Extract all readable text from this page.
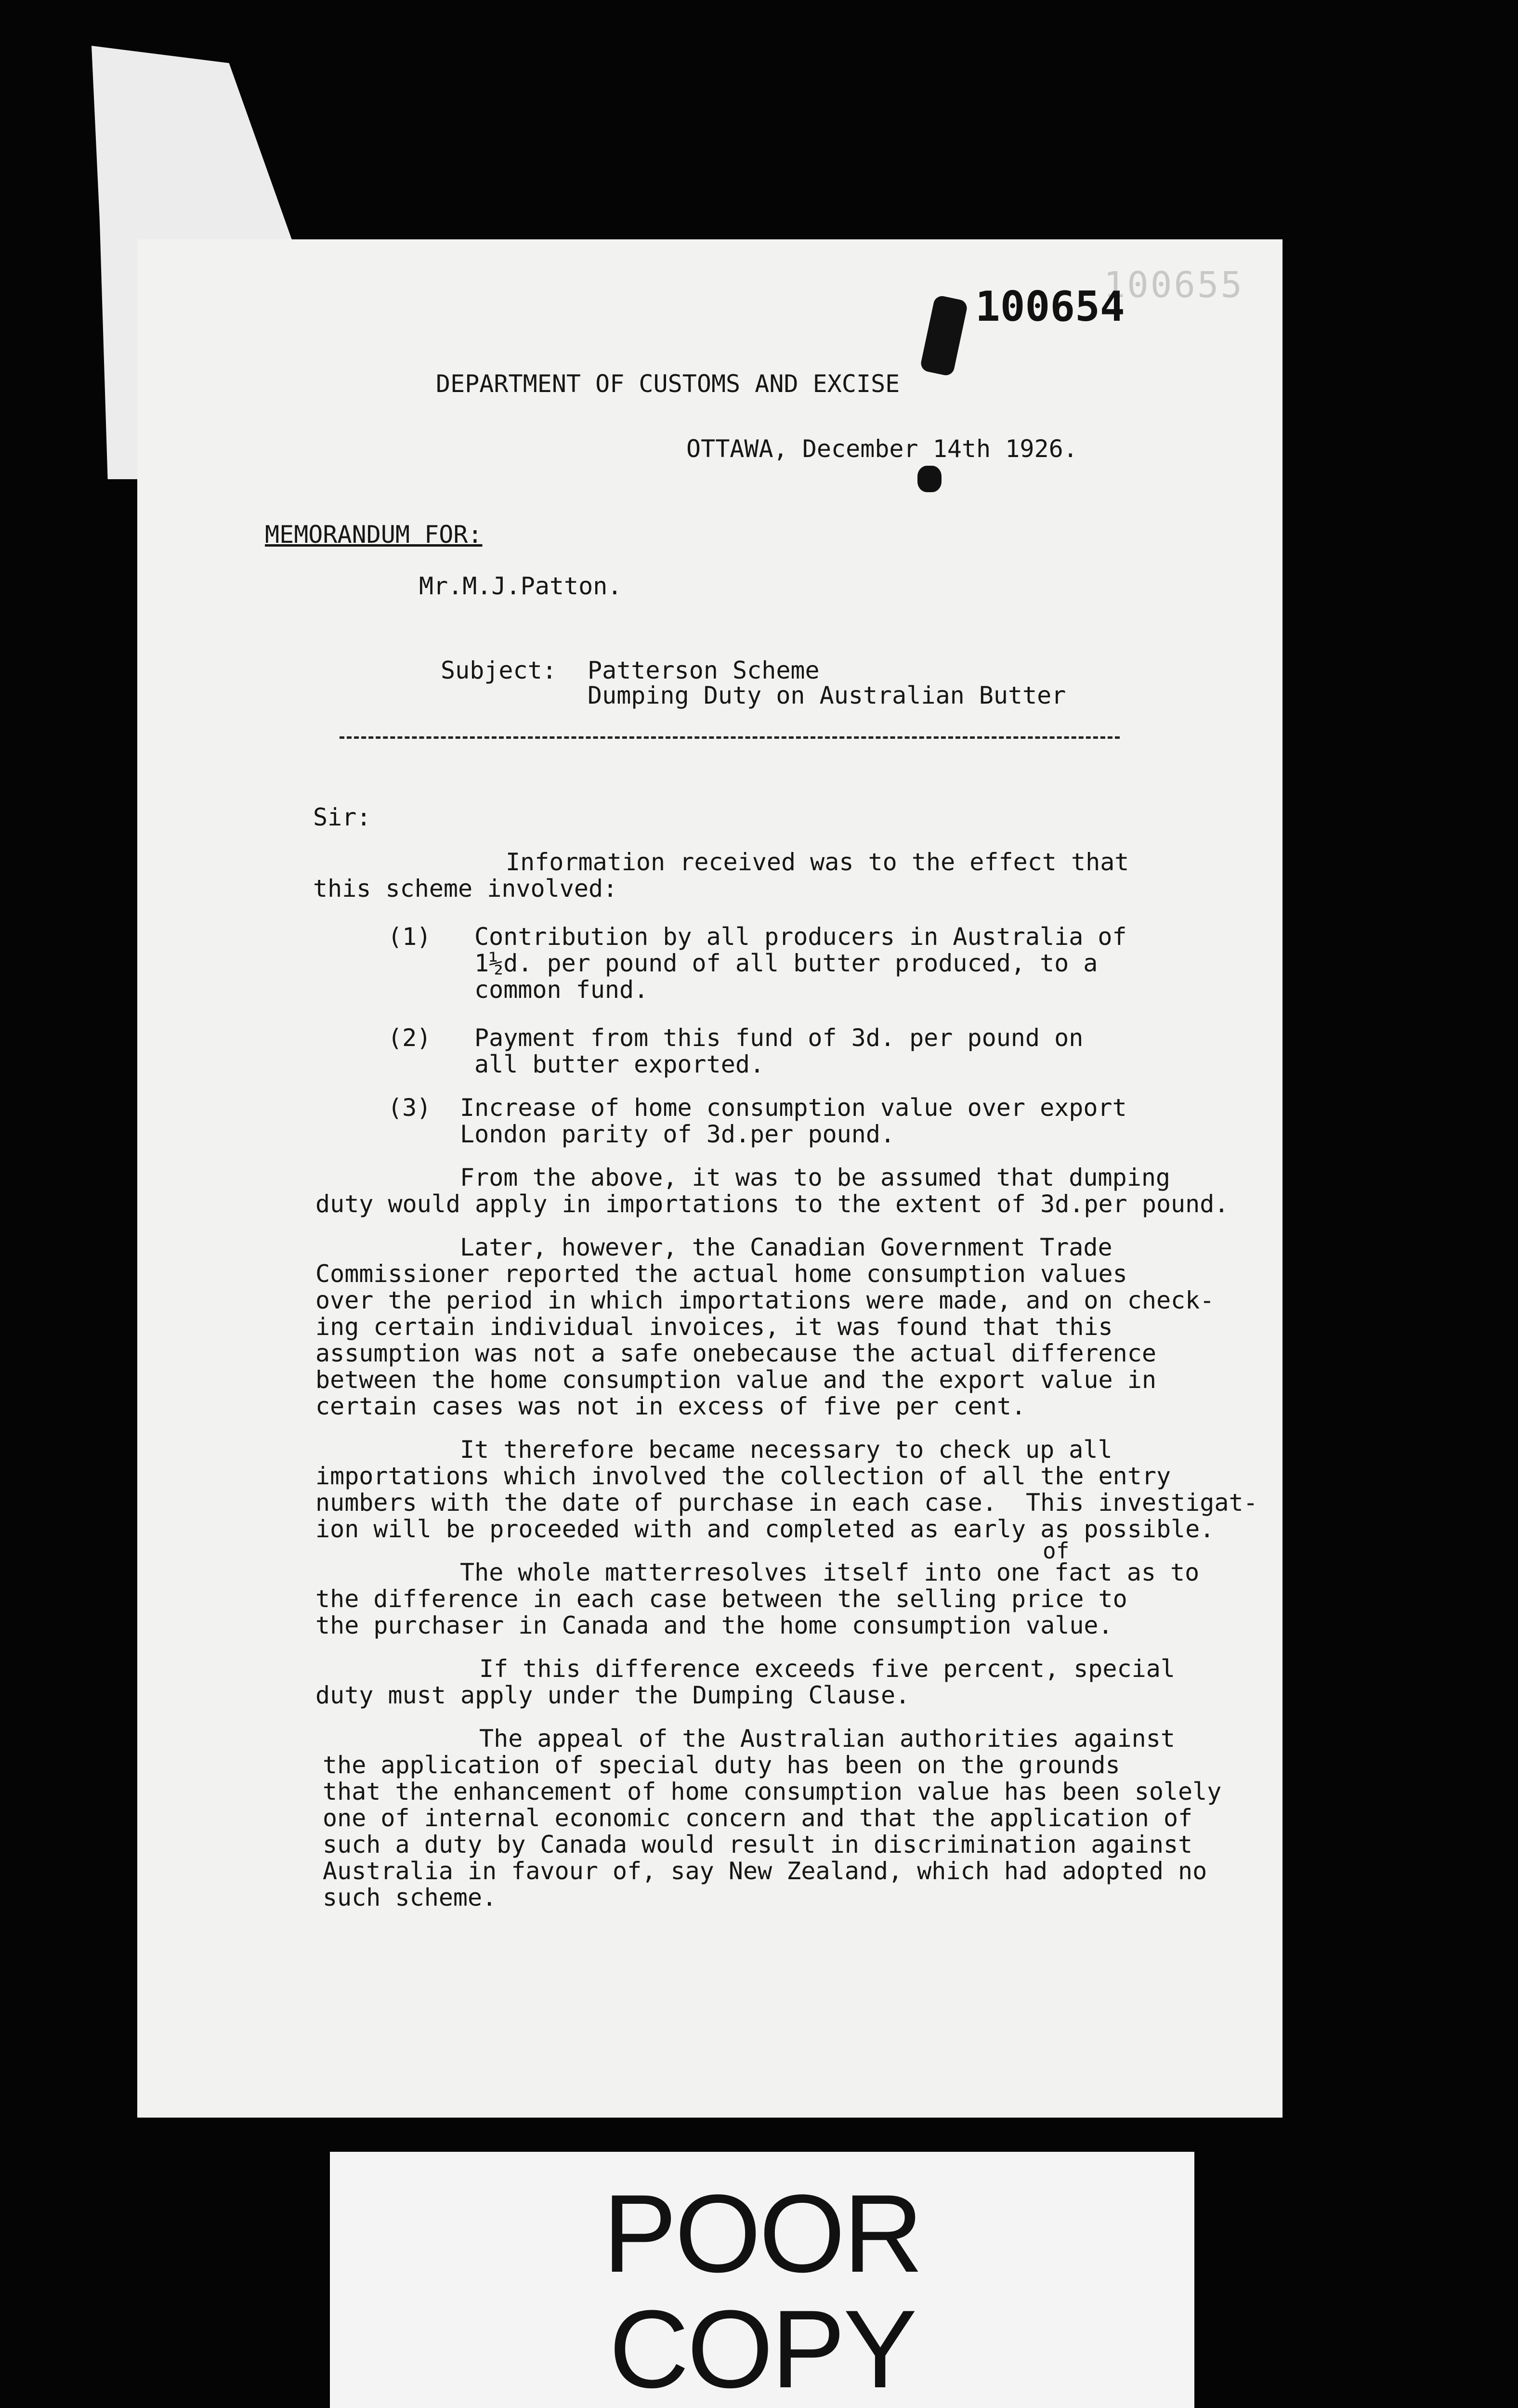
100655

100654

DEPARTMENT OF CUSTOMS AND EXCISE

OTTAWA, December 14th 1926.

MEMORANDUM FOR:

Mr.M.J.Patton.

Subject:

Patterson Scheme

Dumping Duty on Australian Butter

Sir:

Information received was to the effect that

this scheme involved:

(1)

Contribution by all producers in Australia of

1½d. per pound of all butter produced, to a

common fund.

(2)

Payment from this fund of 3d. per pound on

all butter exported.

(3)

Increase of home consumption value over export

London parity of 3d.per pound.

From the above, it was to be assumed that dumping

duty would apply in importations to the extent of 3d.per pound.

Later, however, the Canadian Government Trade

Commissioner reported the actual home consumption values

over the period in which importations were made, and on check-

ing certain individual invoices, it was found that this

assumption was not a safe onebecause the actual difference

between the home consumption value and the export value in

certain cases was not in excess of five per cent.

It therefore became necessary to check up all

importations which involved the collection of all the entry

numbers with the date of purchase in each case.  This investigat-

ion will be proceeded with and completed as early as possible.

of

The whole matterresolves itself into one fact as to

the difference in each case between the selling price to

the purchaser in Canada and the home consumption value.

If this difference exceeds five percent, special

duty must apply under the Dumping Clause.

The appeal of the Australian authorities against

the application of special duty has been on the grounds

that the enhancement of home consumption value has been solely

one of internal economic concern and that the application of

such a duty by Canada would result in discrimination against

Australia in favour of, say New Zealand, which had adopted no

such scheme.

POOR
COPY
